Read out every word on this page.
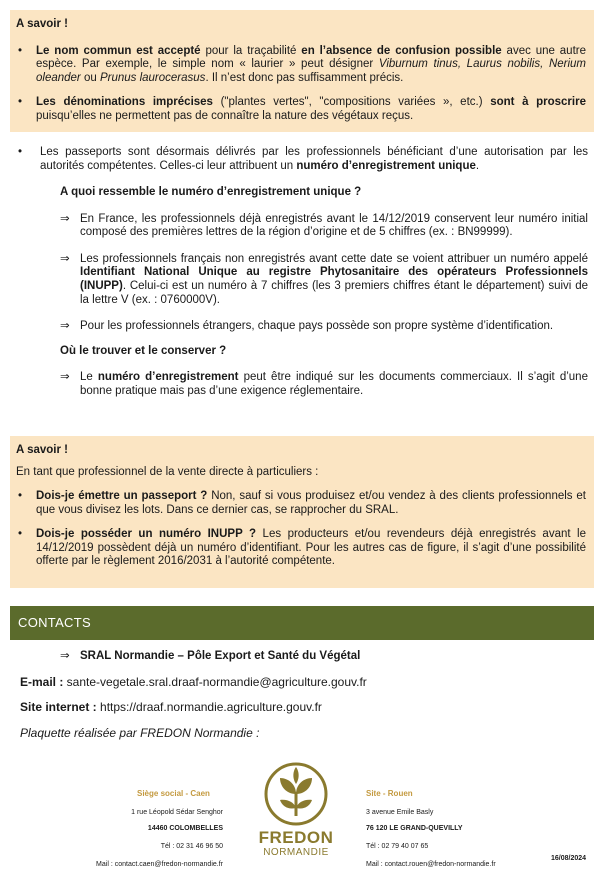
A savoir !
• Le nom commun est accepté pour la traçabilité en l’absence de confusion possible avec une autre espèce. Par exemple, le simple nom « laurier » peut désigner Viburnum tinus, Laurus nobilis, Nerium oleander ou Prunus laurocerasus. Il n’est donc pas suffisamment précis.
• Les dénominations imprécises ("plantes vertes", "compositions variées », etc.) sont à proscrire puisqu’elles ne permettent pas de connaître la nature des végétaux reçus.
• Les passeports sont désormais délivrés par les professionnels bénéficiant d’une autorisation par les autorités compétentes. Celles-ci leur attribuent un numéro d’enregistrement unique.
A quoi ressemble le numéro d’enregistrement unique ?
⇒ En France, les professionnels déjà enregistrés avant le 14/12/2019 conservent leur numéro initial composé des premières lettres de la région d’origine et de 5 chiffres (ex. : BN99999).
⇒ Les professionnels français non enregistrés avant cette date se voient attribuer un numéro appelé Identifiant National Unique au registre Phytosanitaire des opérateurs Professionnels (INUPP). Celui-ci est un numéro à 7 chiffres (les 3 premiers chiffres étant le département) suivi de la lettre V (ex. : 0760000V).
⇒ Pour les professionnels étrangers, chaque pays possède son propre système d’identification.
Où le trouver et le conserver ?
⇒ Le numéro d’enregistrement peut être indiqué sur les documents commerciaux. Il s’agit d’une bonne pratique mais pas d’une exigence réglementaire.
A savoir !
En tant que professionnel de la vente directe à particuliers :
• Dois-je émettre un passeport ? Non, sauf si vous produisez et/ou vendez à des clients professionnels et que vous divisez les lots. Dans ce dernier cas, se rapprocher du SRAL.
• Dois-je posséder un numéro INUPP ? Les producteurs et/ou revendeurs déjà enregistrés avant le 14/12/2019 possèdent déjà un numéro d’identifiant. Pour les autres cas de figure, il s’agit d’une possibilité offerte par le règlement 2016/2031 à l’autorité compétente.
CONTACTS
⇒ SRAL Normandie – Pôle Export et Santé du Végétal
E-mail : sante-vegetale.sral.draaf-normandie@agriculture.gouv.fr
Site internet : https://draaf.normandie.agriculture.gouv.fr
Plaquette réalisée par FREDON Normandie :
Siège social - Caen
1 rue Léopold Sédar Senghor
14460 COLOMBELLES
Tél : 02 31 46 96 50
Mail : contact.caen@fredon-normandie.fr
FREDON
NORMANDIE
Site - Rouen
3 avenue Emile Basly
76 120 LE GRAND-QUEVILLY
Tél : 02 79 40 07 65
Mail : contact.rouen@fredon-normandie.fr
16/08/2024
